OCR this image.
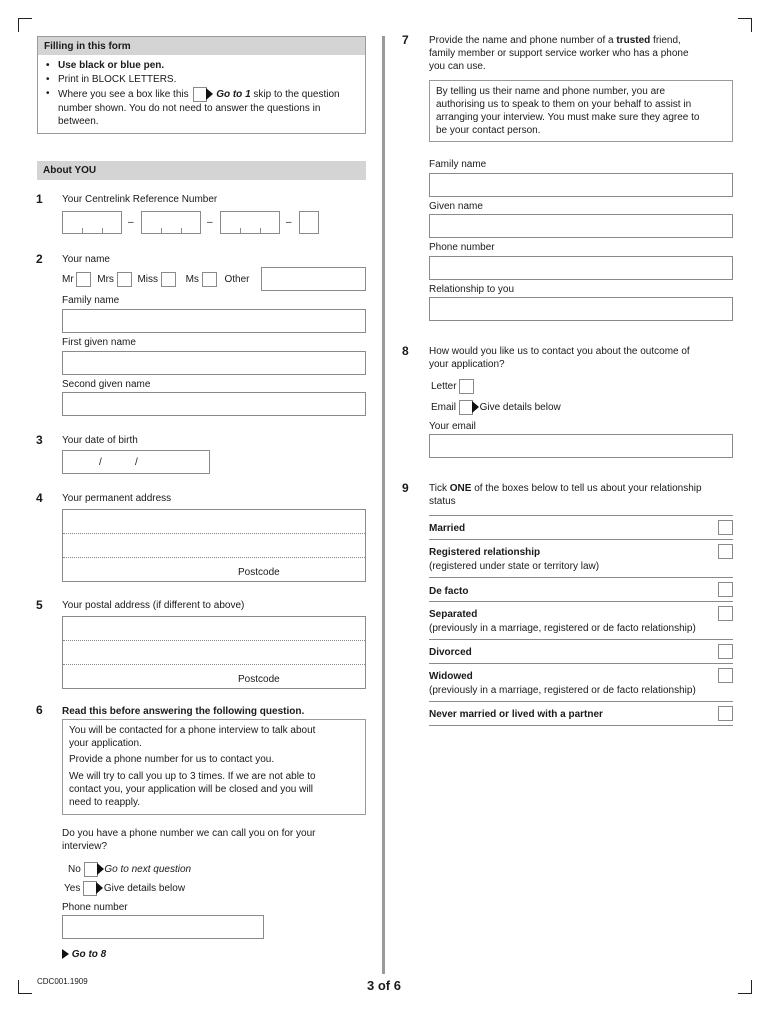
Filling in this form
• Use black or blue pen.
• Print in BLOCK LETTERS.
• Where you see a box like this	Go to 1 skip to the question
number shown. You do not need to answer the questions in
between.
About YOU
1 Your Centrelink Reference Number
–	–	–
2 Your name
Mr Mrs Miss	Ms	Other
Family name
First given name
Second given name
3 Your date of birth
/	/
4 Your permanent address
Postcode
5 Your postal address (if different to above)
Postcode
6 Read this before answering the following question.
You will be contacted for a phone interview to talk about
your application.
Provide a phone number for us to contact you.
We will try to call you up to 3 times. If we are not able to
contact you, your application will be closed and you will
need to reapply.
Do you have a phone number we can call you on for your
interview?
No Go to next question
Yes Give details below
Phone number
Go to 8
7 Provide the name and phone number of a trusted friend,
family member or support service worker who has a phone
you can use.
By telling us their name and phone number, you are
authorising us to speak to them on your behalf to assist in
arranging your interview. You must make sure they agree to
be your contact person.
Family name
Given name
Phone number
Relationship to you
8 How would you like us to contact you about the outcome of
your application?
Letter
Email Give details below
Your email
9 Tick ONE of the boxes below to tell us about your relationship
status
Married
Registered relationship
(registered under state or territory law)
De facto
Separated
(previously in a marriage, registered or de facto relationship)
Divorced
Widowed
(previously in a marriage, registered or de facto relationship)
Never married or lived with a partner
CDC001.1909	3 of 6
